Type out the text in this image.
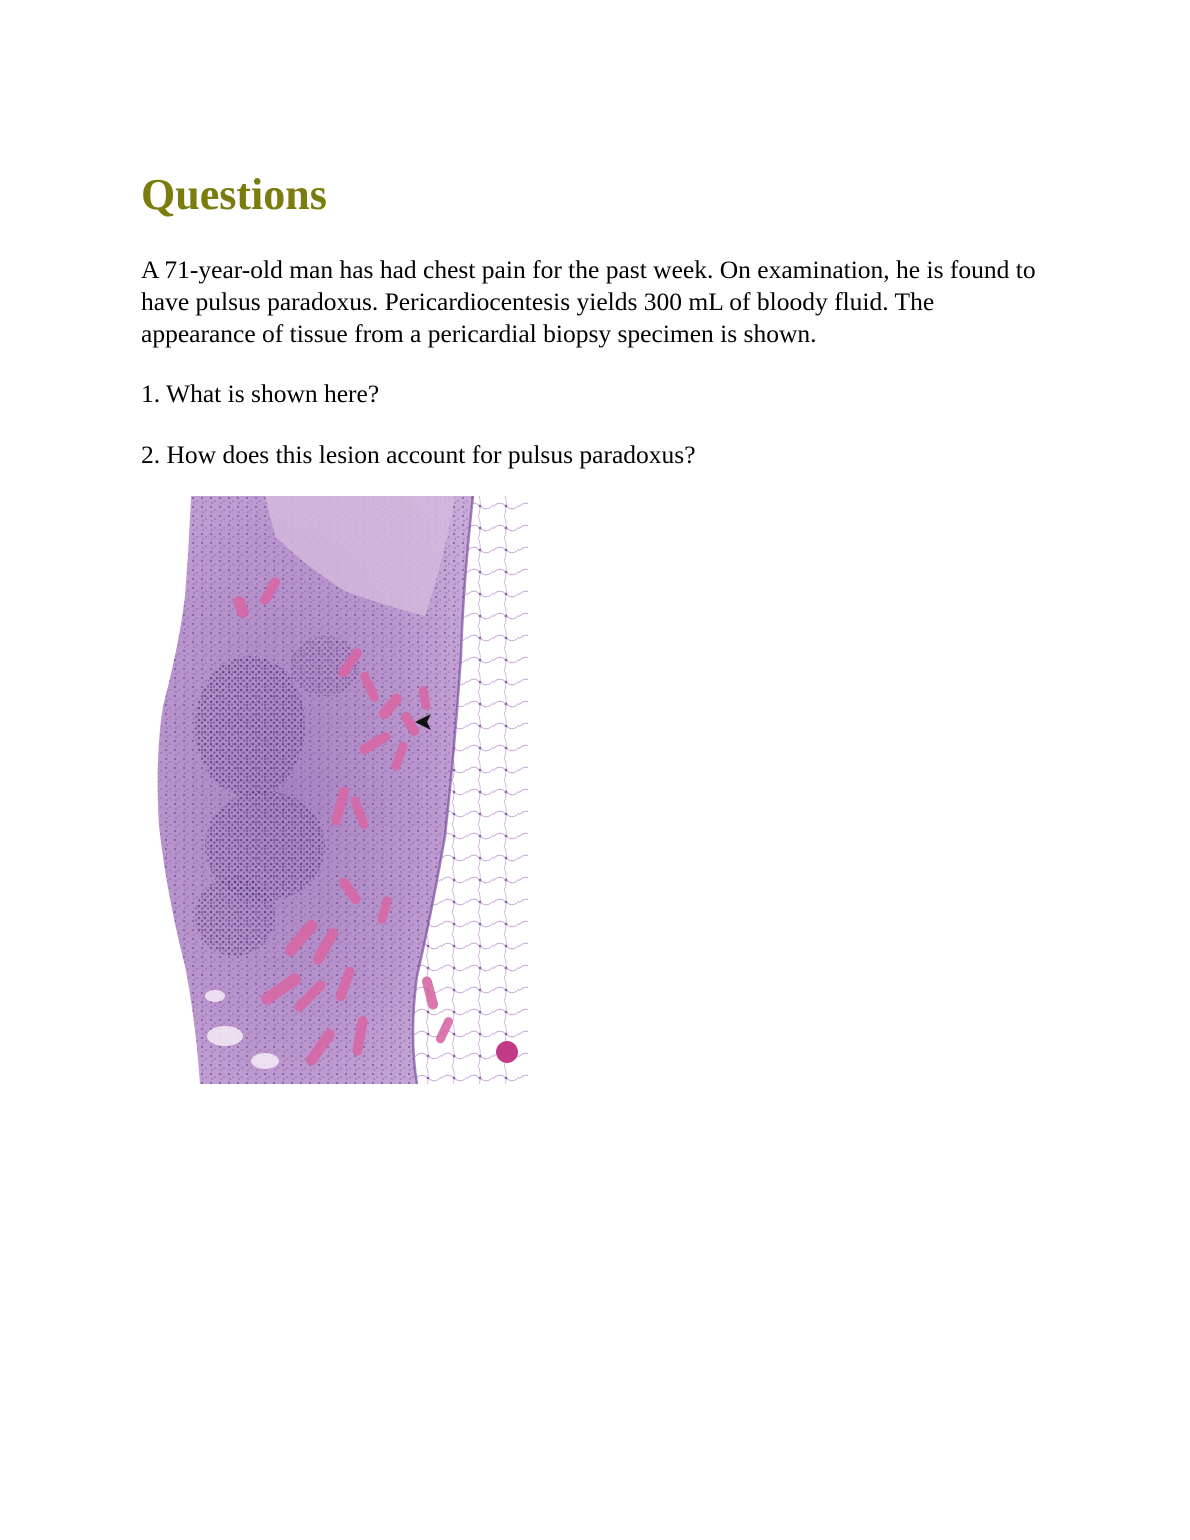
Questions

A 71-year-old man has had chest pain for the past week. On examination, he is found to have pulsus paradoxus. Pericardiocentesis yields 300 mL of bloody fluid. The appearance of tissue from a pericardial biopsy specimen is shown.

1. What is shown here?

2. How does this lesion account for pulsus paradoxus?
